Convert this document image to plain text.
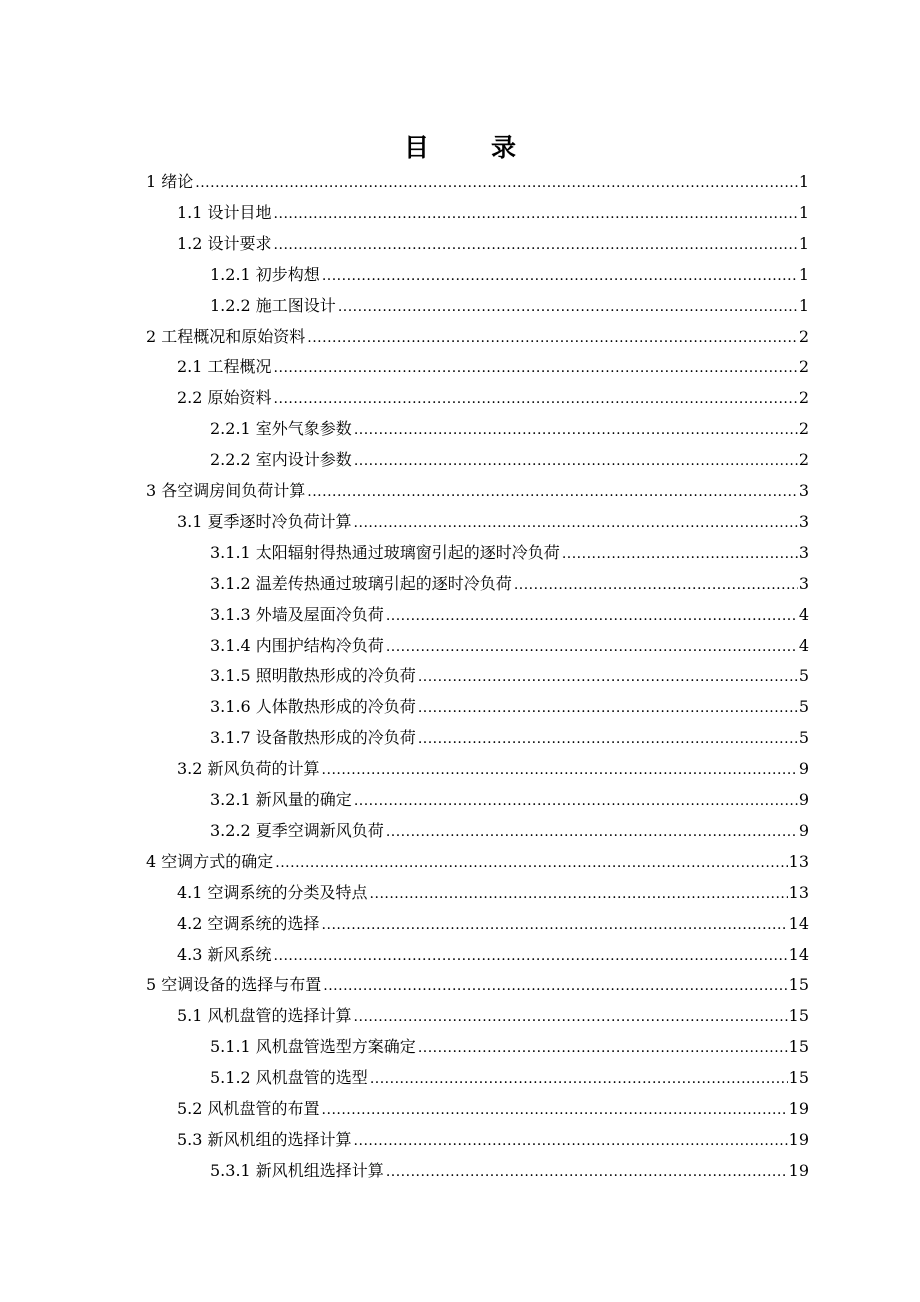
目 录
1 绪论 .....	1
1.1 设计目地 .....	1
1.2 设计要求 .....	1
1.2.1 初步构想 .....	1
1.2.2 施工图设计 .....	1
2 工程概况和原始资料 .....	2
2.1 工程概况 .....	2
2.2 原始资料 .....	2
2.2.1 室外气象参数 .....	2
2.2.2 室内设计参数 .....	2
3 各空调房间负荷计算 .....	3
3.1 夏季逐时冷负荷计算 .....	3
3.1.1 太阳辐射得热通过玻璃窗引起的逐时冷负荷 .....	3
3.1.2 温差传热通过玻璃引起的逐时冷负荷 .....	3
3.1.3 外墙及屋面冷负荷 .....	4
3.1.4 内围护结构冷负荷 .....	4
3.1.5 照明散热形成的冷负荷 .....	5
3.1.6 人体散热形成的冷负荷 .....	5
3.1.7 设备散热形成的冷负荷 .....	5
3.2 新风负荷的计算 .....	9
3.2.1 新风量的确定 .....	9
3.2.2 夏季空调新风负荷 .....	9
4 空调方式的确定 .....	13
4.1 空调系统的分类及特点 .....	13
4.2 空调系统的选择 .....	14
4.3 新风系统 .....	14
5 空调设备的选择与布置 .....	15
5.1 风机盘管的选择计算 .....	15
5.1.1 风机盘管选型方案确定 .....	15
5.1.2 风机盘管的选型 .....	15
5.2 风机盘管的布置 .....	19
5.3 新风机组的选择计算 .....	19
5.3.1 新风机组选择计算 .....	19
